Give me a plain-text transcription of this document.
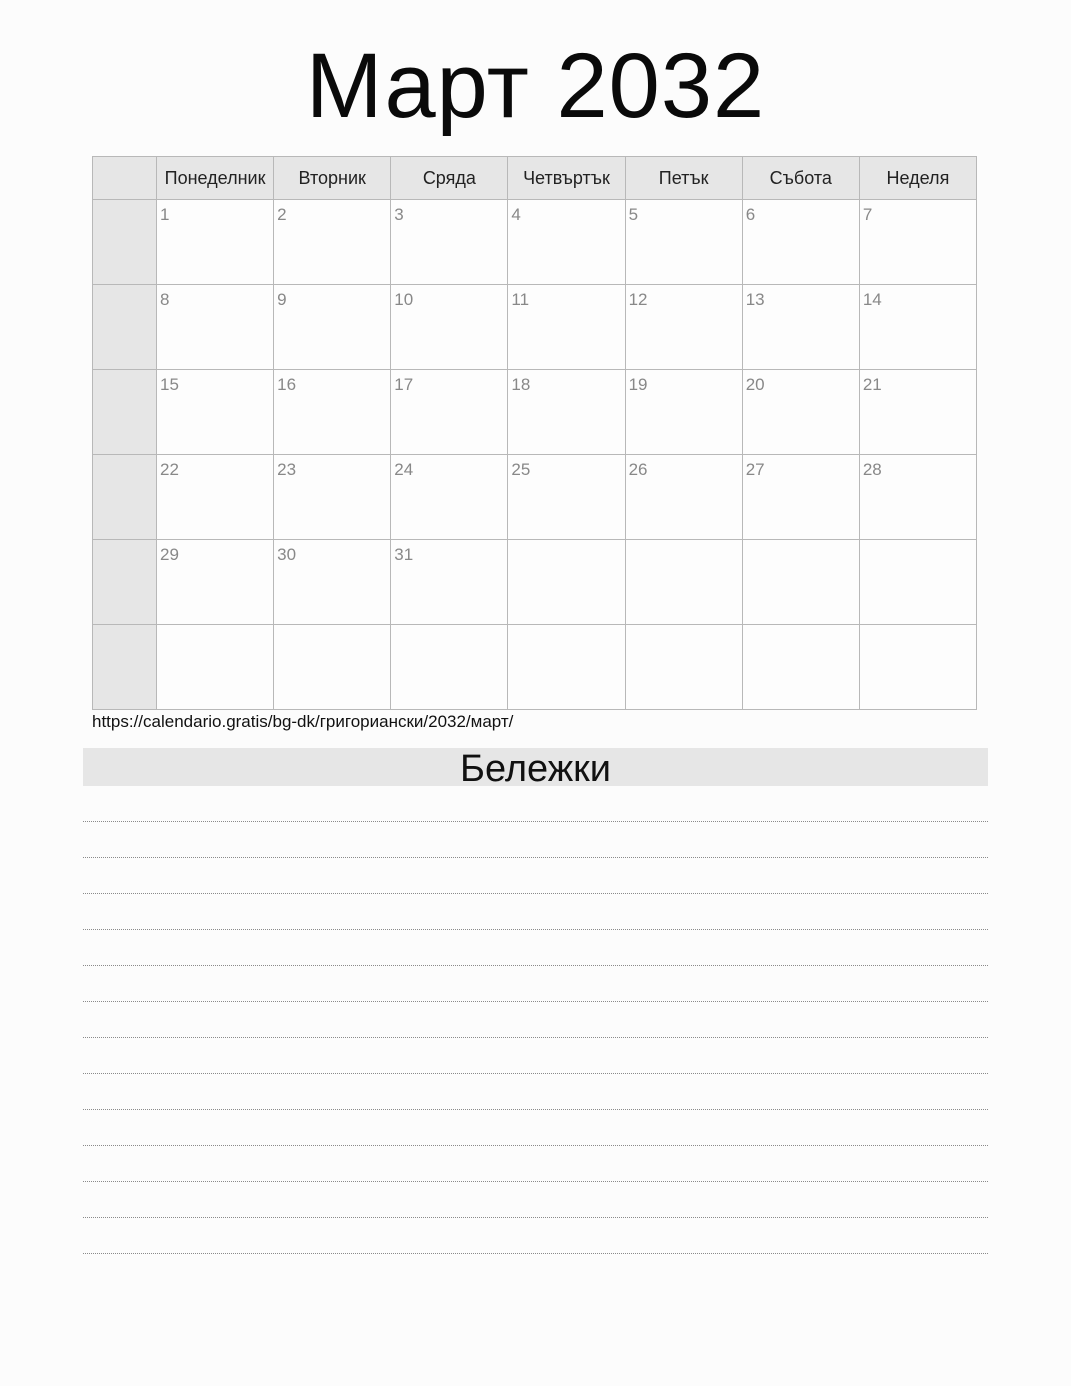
Март 2032
	Понеделник	Вторник	Сряда	Четвъртък	Петък	Събота	Неделя

	1	2	3	4	5	6	7

	8	9	10	11	12	13	14

	15	16	17	18	19	20	21

	22	23	24	25	26	27	28

	29	30	31				

https://calendario.gratis/bg-dk/григориански/2032/март/
Бележки
